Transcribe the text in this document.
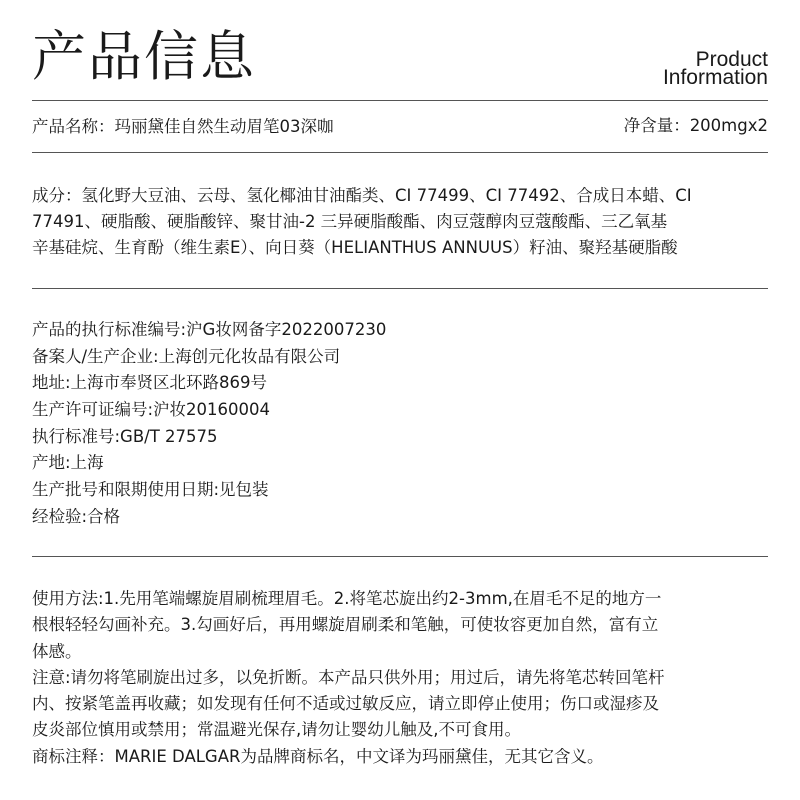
产品信息	Product
Information
产品名称：玛丽黛佳自然生动眉笔03深咖	净含量：200mgx2
成分：氢化野大豆油、云母、氢化椰油甘油酯类、CI 77499、CI 77492、合成日本蜡、CI
77491、硬脂酸、硬脂酸锌、聚甘油-2 三异硬脂酸酯、肉豆蔻醇肉豆蔻酸酯、三乙氧基
辛基硅烷、生育酚（维生素E）、向日葵（HELIANTHUS ANNUUS）籽油、聚羟基硬脂酸
产品的执行标准编号:沪G妆网备字2022007230
备案人/生产企业:上海创元化妆品有限公司
地址:上海市奉贤区北环路869号
生产许可证编号:沪妆20160004
执行标准号:GB/T 27575
产地:上海
生产批号和限期使用日期:见包装
经检验:合格
使用方法:1.先用笔端螺旋眉刷梳理眉毛。2.将笔芯旋出约2-3mm,在眉毛不足的地方一
根根轻轻勾画补充。3.勾画好后，再用螺旋眉刷柔和笔触，可使妆容更加自然，富有立
体感。
注意:请勿将笔刷旋出过多，以免折断。本产品只供外用；用过后，请先将笔芯转回笔杆
内、按紧笔盖再收藏；如发现有任何不适或过敏反应，请立即停止使用；伤口或湿疹及
皮炎部位慎用或禁用；常温避光保存,请勿让婴幼儿触及,不可食用。
商标注释：MARIE DALGAR为品牌商标名，中文译为玛丽黛佳，无其它含义。
